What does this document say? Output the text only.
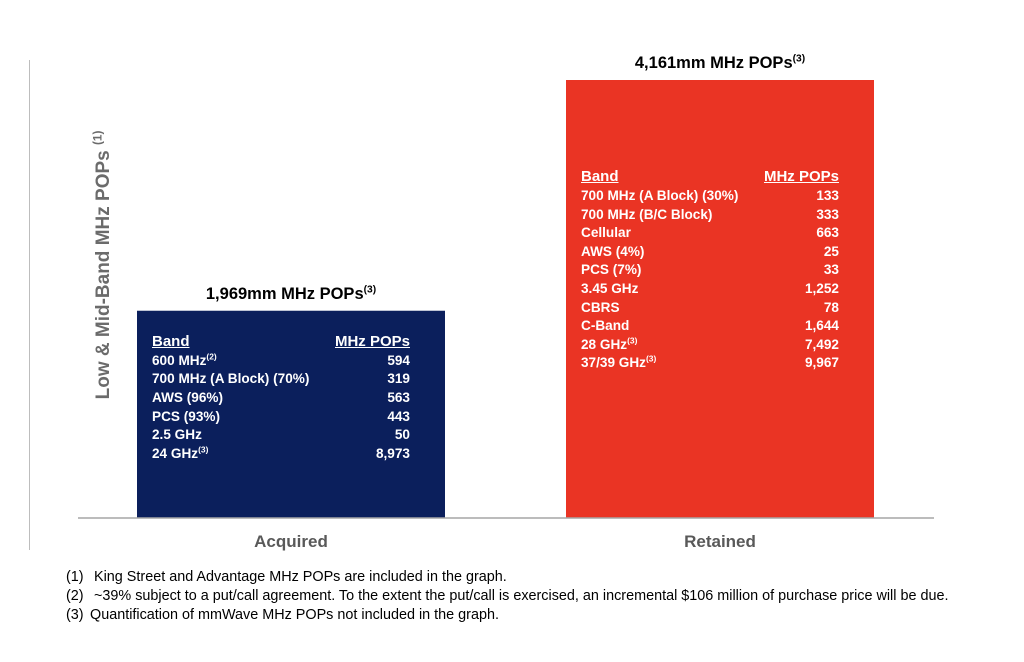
Low & Mid-Band MHz POPs $^{(1)}$
1,969mm MHz POPs$^{(3)}$
4,161mm MHz POPs$^{(3)}$
Acquired	Retained
Band	MHz POPs
600 MHz$^{(2)}$	594
700 MHz (A Block) (70%)	319
AWS (96%)	563
PCS (93%)	443
2.5 GHz	50
24 GHz$^{(3)}$	8,973
Band	MHz POPs
700 MHz (A Block) (30%)	133
700 MHz (B/C Block)	333
Cellular	663
AWS (4%)	25
PCS (7%)	33
3.45 GHz	1,252
CBRS	78
C-Band	1,644
28 GHz$^{(3)}$	7,492
37/39 GHz$^{(3)}$	9,967
(1) King Street and Advantage MHz POPs are included in the graph.
(2) ~39% subject to a put/call agreement. To the extent the put/call is exercised, an incremental $106 million of purchase price will be due.
(3) Quantification of mmWave MHz POPs not included in the graph.
